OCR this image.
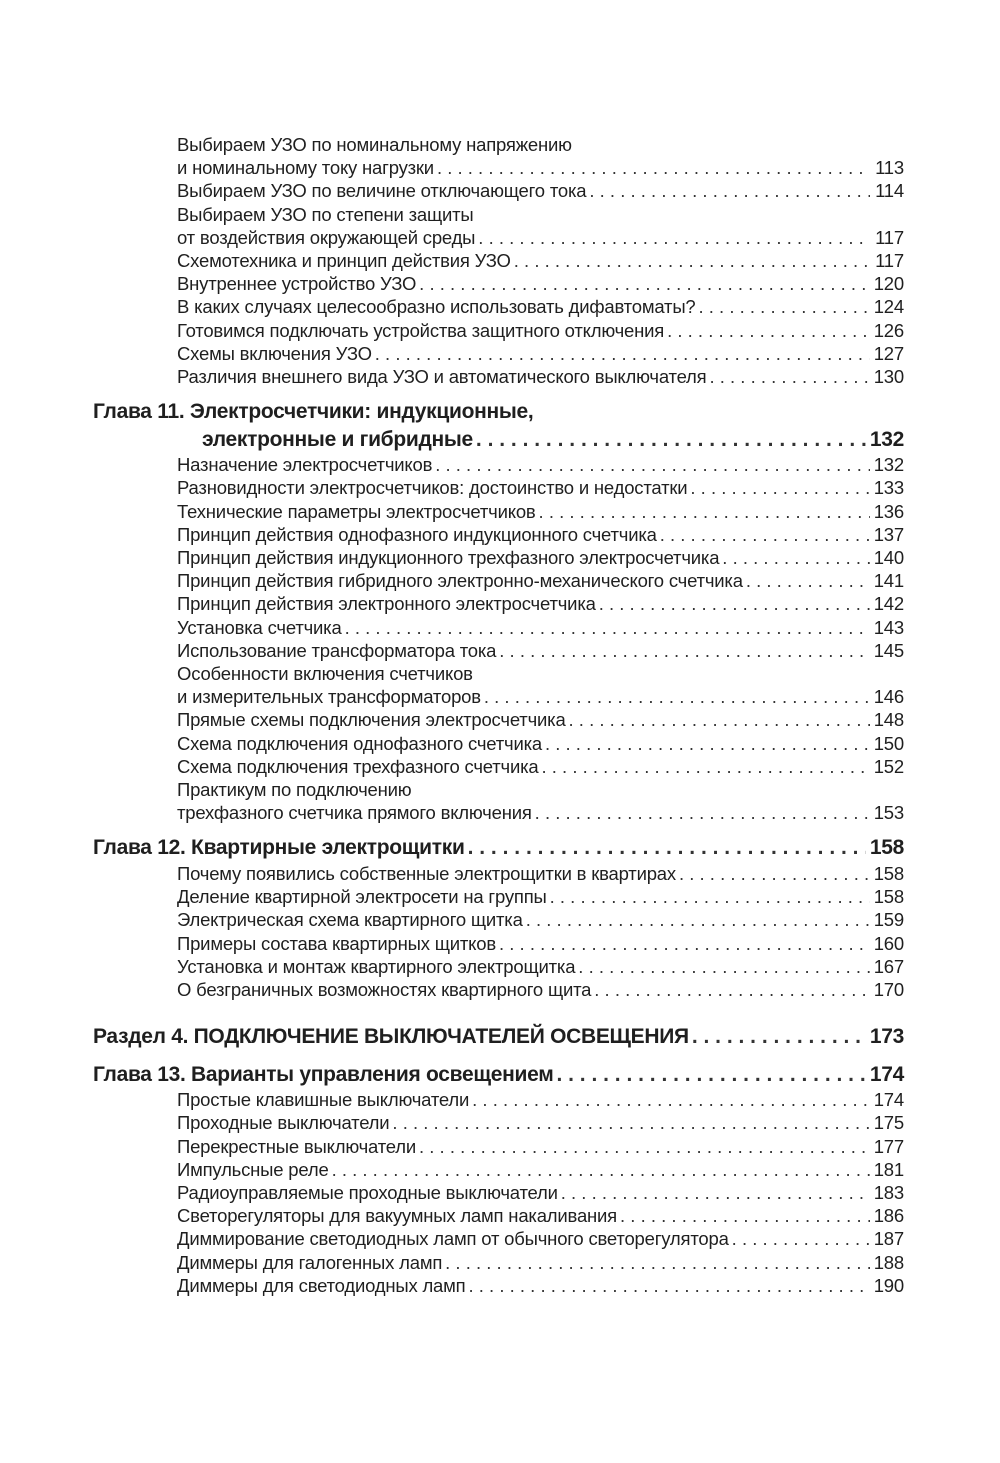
Выбираем УЗО по номинальному напряжению
и номинальному току нагрузки . . .	113
Выбираем УЗО по величине отключающего тока . . .	114
Выбираем УЗО по степени защиты
от воздействия окружающей среды . . .	117
Схемотехника и принцип действия УЗО . . .	117
Внутреннее устройство УЗО . . .	120
В каких случаях целесообразно использовать дифавтоматы? . . .	124
Готовимся подключать устройства защитного отключения . . .	126
Схемы включения УЗО . . .	127
Различия внешнего вида УЗО и автоматического выключателя . . .	130
Глава 11. Электросчетчики: индукционные,
электронные и гибридные . . .	132
Назначение электросчетчиков . . .	132
Разновидности электросчетчиков: достоинство и недостатки . . .	133
Технические параметры электросчетчиков . . .	136
Принцип действия однофазного индукционного счетчика . . .	137
Принцип действия индукционного трехфазного электросчетчика . . .	140
Принцип действия гибридного электронно-механического счетчика . . .	141
Принцип действия электронного электросчетчика . . .	142
Установка счетчика . . .	143
Использование трансформатора тока . . .	145
Особенности включения счетчиков
и измерительных трансформаторов . . .	146
Прямые схемы подключения электросчетчика . . .	148
Схема подключения однофазного счетчика . . .	150
Схема подключения трехфазного счетчика . . .	152
Практикум по подключению
трехфазного счетчика прямого включения . . .	153
Глава 12. Квартирные электрощитки . . .	158
Почему появились собственные электрощитки в квартирах . . .	158
Деление квартирной электросети на группы . . .	158
Электрическая схема квартирного щитка . . .	159
Примеры состава квартирных щитков . . .	160
Установка и монтаж квартирного электрощитка . . .	167
О безграничных возможностях квартирного щита . . .	170
Раздел 4. ПОДКЛЮЧЕНИЕ ВЫКЛЮЧАТЕЛЕЙ ОСВЕЩЕНИЯ . . .	173
Глава 13. Варианты управления освещением . . .	174
Простые клавишные выключатели . . .	174
Проходные выключатели . . .	175
Перекрестные выключатели . . .	177
Импульсные реле . . .	181
Радиоуправляемые проходные выключатели . . .	183
Светорегуляторы для вакуумных ламп накаливания . . .	186
Диммирование светодиодных ламп от обычного светорегулятора . . .	187
Диммеры для галогенных ламп . . .	188
Диммеры для светодиодных ламп . . .	190
